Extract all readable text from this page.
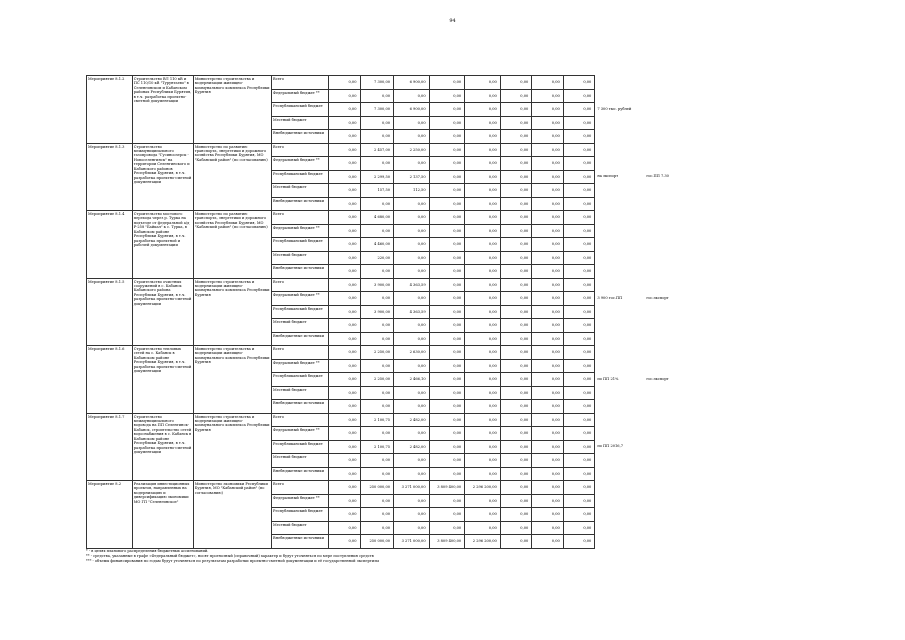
94
Мероприятие 8.1.2	Строительство ВЛ 110 кВ и ПС 110/10 кВ "Турунтаево" в Селенгинском и Кабанском районах Республики Бурятия, в т.ч. разработка проектно-сметной документации	Министерство строительства и модернизации жилищно-коммунального комплекса Республики Бурятия	Всего	0,00	7 300,00	6 900,00	0,00	0,00	0,00	0,00	0,00	

			Федеральный бюджет **	0,00	0,00	0,00	0,00	0,00	0,00	0,00	0,00	

			Республиканский бюджет	0,00	7 300,00	6 900,00	0,00	0,00	0,00	0,00	0,00	7 300 тыс. рублей

			Местный бюджет	0,00	0,00	0,00	0,00	0,00	0,00	0,00	0,00	

			Внебюджетные источники	0,00	0,00	0,00	0,00	0,00	0,00	0,00	0,00	

Мероприятие 8.1.3	Строительство межмуниципального газопровода "Гусиноозерск - Новоселенгинск" на территории Селенгинского и Кабанского районов Республики Бурятия, в т.ч. разработка проектно-сметной документации	Министерство по развитию транспорта, энергетики и дорожного хозяйства Республики Бурятия, МО "Кабанский район" (по согласованию)	Всего	0,00	2 457,00	2 250,00	0,00	0,00	0,00	0,00	0,00	

			Федеральный бюджет **	0,00	0,00	0,00	0,00	0,00	0,00	0,00	0,00	

			Республиканский бюджет	0,00	2 299,50	2 137,50	0,00	0,00	0,00	0,00	0,00	на экспорт гос.ПП 7.30

			Местный бюджет	0,00	157,50	112,50	0,00	0,00	0,00	0,00	0,00	

			Внебюджетные источники	0,00	0,00	0,00	0,00	0,00	0,00	0,00	0,00	

Мероприятие 8.1.4	Строительство мостового перехода через р. Турка на подъезде от федеральной а/д Р-258 "Байкал" к с. Турка, в Кабанском районе Республики Бурятия, в т.ч. разработка проектной и рабочей документации	Министерство по развитию транспорта, энергетики и дорожного хозяйства Республики Бурятия, МО "Кабанский район" (по согласованию)	Всего	0,00	4 680,00	0,00	0,00	0,00	0,00	0,00	0,00	

			Федеральный бюджет **	0,00	0,00	0,00	0,00	0,00	0,00	0,00	0,00	

			Республиканский бюджет	0,00	4 460,00	0,00	0,00	0,00	0,00	0,00	0,00	

			Местный бюджет	0,00	220,00	0,00	0,00	0,00	0,00	0,00	0,00	

			Внебюджетные источники	0,00	0,00	0,00	0,00	0,00	0,00	0,00	0,00	

Мероприятие 8.1.5	Строительство очистных сооружений в с. Кабанск Кабанского района Республики Бурятия, в т.ч. разработка проектно-сметной документации	Министерство строительства и модернизации жилищно-коммунального комплекса Республики Бурятия	Всего	0,00	3 900,00	4 363,59	0,00	0,00	0,00	0,00	0,00	

			Федеральный бюджет **	0,00	0,00	0,00	0,00	0,00	0,00	0,00	0,00	3 900 гос.ПП гос.экспорт

			Республиканский бюджет	0,00	3 900,00	4 363,59	0,00	0,00	0,00	0,00	0,00	

			Местный бюджет	0,00	0,00	0,00	0,00	0,00	0,00	0,00	0,00	

			Внебюджетные источники	0,00	0,00	0,00	0,00	0,00	0,00	0,00	0,00	

Мероприятие 8.1.6	Строительство тепловых сетей на с. Кабанск в Кабанском районе Республики Бурятия, в т.ч. разработка проектно-сметной документации	Министерство строительства и модернизации жилищно-коммунального комплекса Республики Бурятия	Всего	0,00	2 250,00	2 630,00	0,00	0,00	0,00	0,00	0,00	

			Федеральный бюджет **	0,00	0,00	0,00	0,00	0,00	0,00	0,00	0,00	

			Республиканский бюджет	0,00	2 250,00	2 466,10	0,00	0,00	0,00	0,00	0,00	по ПП 21% гос.экспорт

			Местный бюджет	0,00	0,00	0,00	0,00	0,00	0,00	0,00	0,00	

			Внебюджетные источники	0,00	0,00	0,00	0,00	0,00	0,00	0,00	0,00	

Мероприятие 8.1.7	Строительство межмуниципального водовода на ПП Селенгинск-Кабанск, строительство сетей водоснабжения в с. Кабанск в Кабанском районе Республики Бурятия, в т.ч. разработка проектно-сметной документации	Министерство строительства и модернизации жилищно-коммунального комплекса Республики Бурятия	Всего	0,00	2 100,75	2 482,00	0,00	0,00	0,00	0,00	0,00	

			Федеральный бюджет **	0,00	0,00	0,00	0,00	0,00	0,00	0,00	0,00	

			Республиканский бюджет	0,00	2 100,75	2 482,00	0,00	0,00	0,00	0,00	0,00	по ПП 2016,7

			Местный бюджет	0,00	0,00	0,00	0,00	0,00	0,00	0,00	0,00	

			Внебюджетные источники	0,00	0,00	0,00	0,00	0,00	0,00	0,00	0,00	

Мероприятие 8.2	Реализация инвестиционных проектов, направленных на модернизацию и диверсификацию экономики МО ГП "Селенгинское"	Министерство экономики Республики Бурятия, МО "Кабанский район" (по согласованию)	Всего	0,00	250 000,00	3 271 000,00	3 809 400,00	2 296 200,00	0,00	0,00	0,00	

			Федеральный бюджет **	0,00	0,00	0,00	0,00	0,00	0,00	0,00	0,00	

			Республиканский бюджет	0,00	0,00	0,00	0,00	0,00	0,00	0,00	0,00	

			Местный бюджет	0,00	0,00	0,00	0,00	0,00	0,00	0,00	0,00	

			Внебюджетные источники	0,00	250 000,00	3 271 000,00	3 809 400,00	2 296 200,00	0,00	0,00	0,00	
* - в целях планового распределения бюджетных ассигнований.
** - средства, указанные в графе «Федеральный бюджет», носят прогнозный (справочный) характер и будут уточняться по мере поступления средств
*** - объемы финансирования по годам будут уточняться по результатам разработки проектно-сметной документации и её государственной экспертизы
